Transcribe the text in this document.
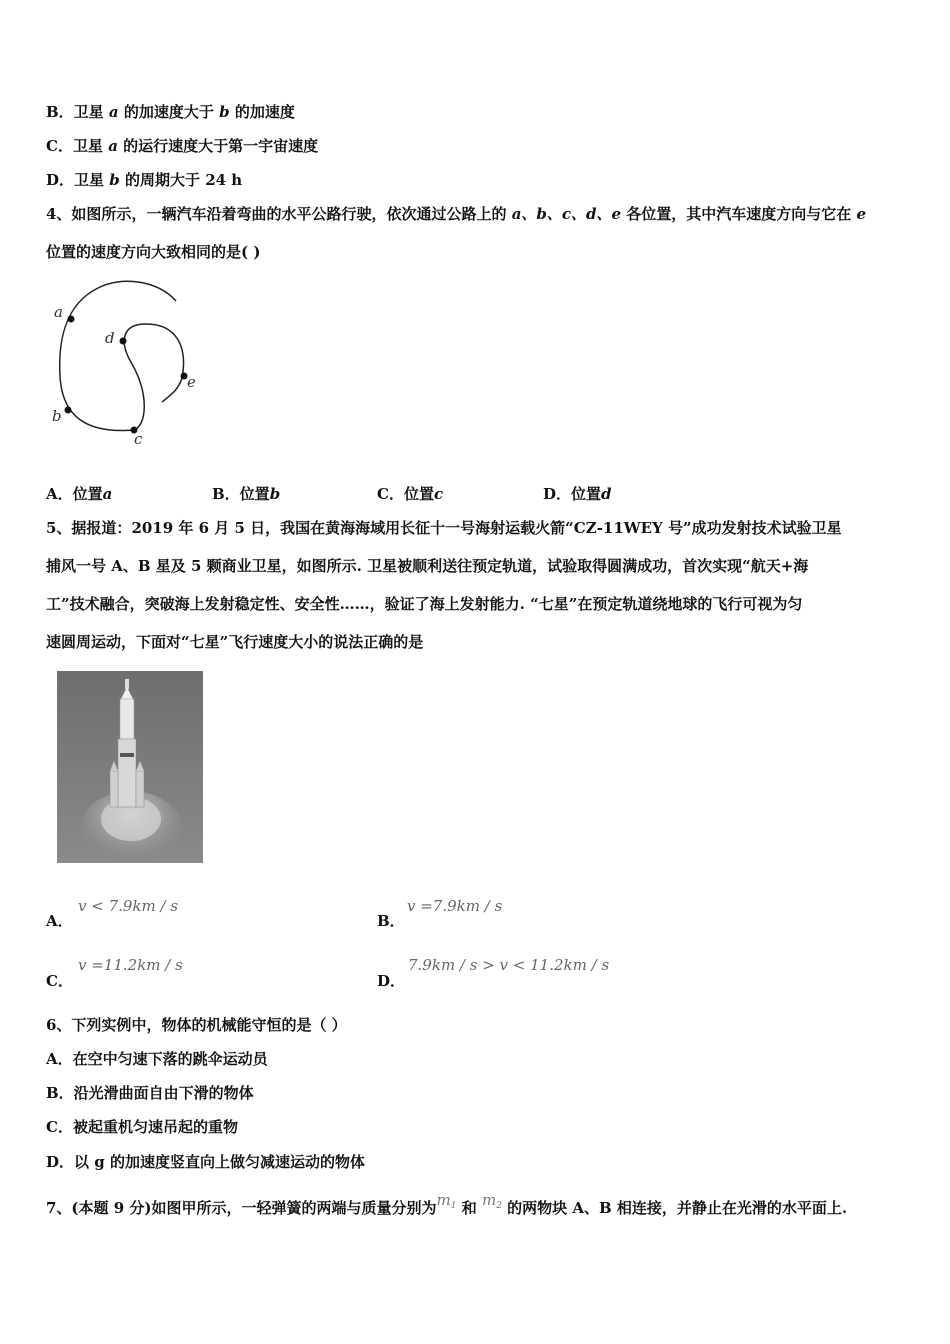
B．卫星 a 的加速度大于 b 的加速度
C．卫星 a 的运行速度大于第一宇宙速度
D．卫星 b 的周期大于 24 h
4、如图所示，一辆汽车沿着弯曲的水平公路行驶，依次通过公路上的 a、b、c、d、e 各位置，其中汽车速度方向与它在 e
位置的速度方向大致相同的是( )
a
b
c
d
e
A．位置a	B．位置b	C．位置c	D．位置d
5、据报道：2019 年 6 月 5 日，我国在黄海海域用长征十一号海射运载火箭“CZ-11WEY 号”成功发射技术试验卫星
捕风一号 A、B 星及 5 颗商业卫星，如图所示. 卫星被顺利送往预定轨道，试验取得圆满成功，首次实现“航天+海
工”技术融合，突破海上发射稳定性、安全性……，验证了海上发射能力. “七星”在预定轨道绕地球的飞行可视为匀
速圆周运动，下面对“七星”飞行速度大小的说法正确的是
A．
v < 7.9km / s
B．
v =7.9km / s
C．
v =11.2km / s
D．
7.9km / s > v < 11.2km / s
6、下列实例中，物体的机械能守恒的是（ ）
A．在空中匀速下落的跳伞运动员
B．沿光滑曲面自由下滑的物体
C．被起重机匀速吊起的重物
D．以 g 的加速度竖直向上做匀减速运动的物体
7、(本题 9 分)如图甲所示，一轻弹簧的两端与质量分别为$m_1$ 和 $m_2$ 的两物块 A、B 相连接，并静止在光滑的水平面上.
